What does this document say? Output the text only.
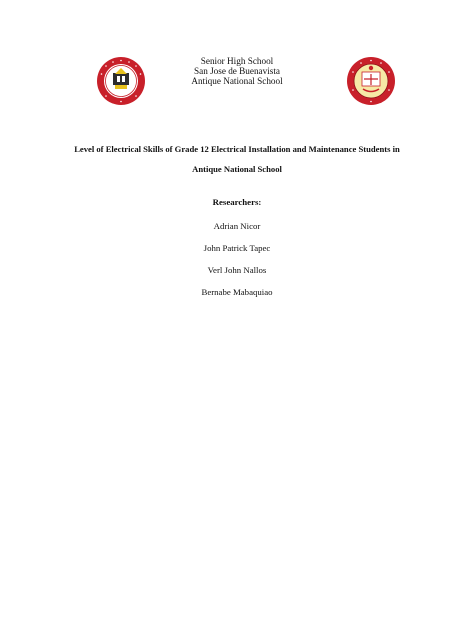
Senior High School
San Jose de Buenavista
Antique National School
Level of Electrical Skills of Grade 12 Electrical Installation and Maintenance Students in
Antique National School
Researchers:
Adrian Nicor
John Patrick Tapec
Verl John Nallos
Bernabe Mabaquiao
